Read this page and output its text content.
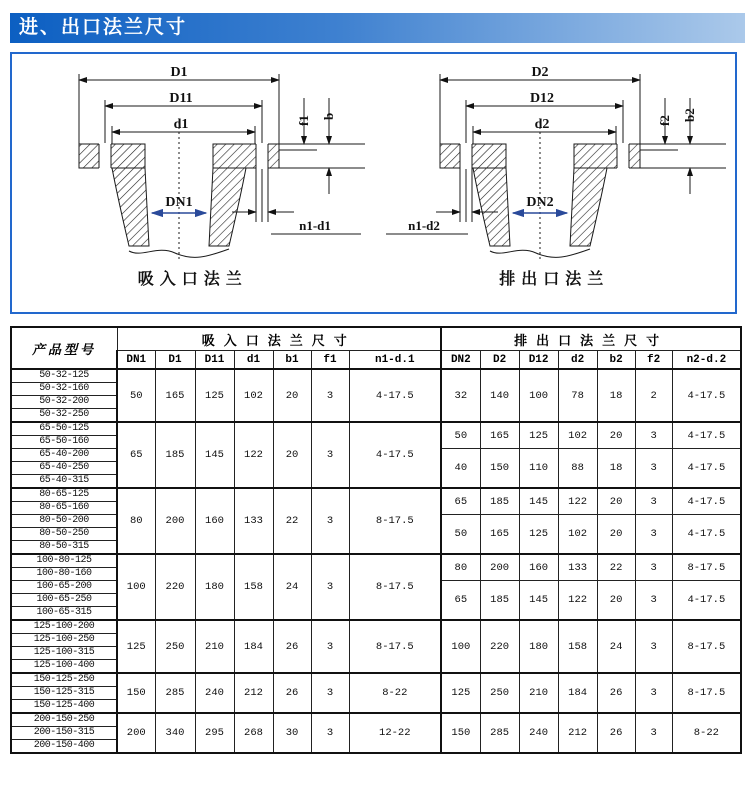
进、出口法兰尺寸
D1
D11
d1
DN1
f1 b
n1-d1
吸入口法兰
D2
D12
d2
DN2
f2 b2
n1-d2
排出口法兰
产品型号	吸入口法兰尺寸							排出口法兰尺寸						
	DN1	D1	D11	d1	b1	f1	n1-d.1	DN2	D2	D12	d2	b2	f2	n2-d.2
50-32-125	50	165	125	102	20	3	4-17.5	32	140	100	78	18	2	4-17.5
50-32-160														
50-32-200														
50-32-250														
65-50-125	65	185	145	122	20	3	4-17.5	50	165	125	102	20	3	4-17.5
65-50-160														
65-40-200								40	150	110	88	18	3	4-17.5
65-40-250														
65-40-315														
80-65-125	80	200	160	133	22	3	8-17.5	65	185	145	122	20	3	4-17.5
80-65-160														
80-50-200								50	165	125	102	20	3	4-17.5
80-50-250														
80-50-315														
100-80-125	100	220	180	158	24	3	8-17.5	80	200	160	133	22	3	8-17.5
100-80-160														
100-65-200								65	185	145	122	20	3	4-17.5
100-65-250														
100-65-315														
125-100-200	125	250	210	184	26	3	8-17.5	100	220	180	158	24	3	8-17.5
125-100-250														
125-100-315														
125-100-400														
150-125-250	150	285	240	212	26	3	8-22	125	250	210	184	26	3	8-17.5
150-125-315														
150-125-400														
200-150-250	200	340	295	268	30	3	12-22	150	285	240	212	26	3	8-22
200-150-315														
200-150-400														
